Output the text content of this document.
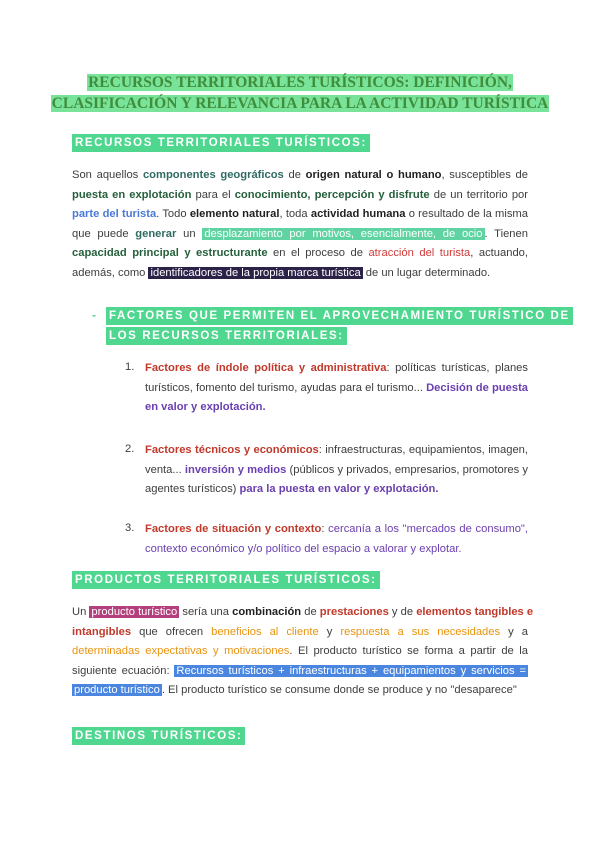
RECURSOS TERRITORIALES TURÍSTICOS: DEFINICIÓN,
CLASIFICACIÓN Y RELEVANCIA PARA LA ACTIVIDAD TURÍSTICA
RECURSOS TERRITORIALES TURÍSTICOS:
Son aquellos componentes geográficos de origen natural o humano, susceptibles de
puesta en explotación para el conocimiento, percepción y disfrute de un territorio por
parte del turista. Todo elemento natural, toda actividad humana o resultado de la misma
que puede generar un desplazamiento por motivos, esencialmente, de ocio . Tienen
capacidad principal y estructurante en el proceso de atracción del turista, actuando,
además, como identificadores de la propia marca turística de un lugar determinado.
- FACTORES QUE PERMITEN EL APROVECHAMIENTO TURÍSTICO DE
LOS RECURSOS TERRITORIALES:
1. Factores de índole política y administrativa: políticas turísticas, planes
turísticos, fomento del turismo, ayudas para el turismo... Decisión de puesta
en valor y explotación.
2. Factores técnicos y económicos: infraestructuras, equipamientos, imagen,
venta... inversión y medios (públicos y privados, empresarios, promotores y
agentes turísticos) para la puesta en valor y explotación.
3. Factores de situación y contexto: cercanía a los "mercados de consumo",
contexto económico y/o político del espacio a valorar y explotar.
PRODUCTOS TERRITORIALES TURÍSTICOS:
Un producto turístico sería una combinación de prestaciones y de elementos tangibles e
intangibles que ofrecen beneficios al cliente y respuesta a sus necesidades y a
determinadas expectativas y motivaciones. El producto turístico se forma a partir de la
siguiente ecuación: Recursos turísticos + infraestructuras + equipamientos y servicios =
producto turístico . El producto turístico se consume donde se produce y no "desaparece"
DESTINOS TURÍSTICOS:
